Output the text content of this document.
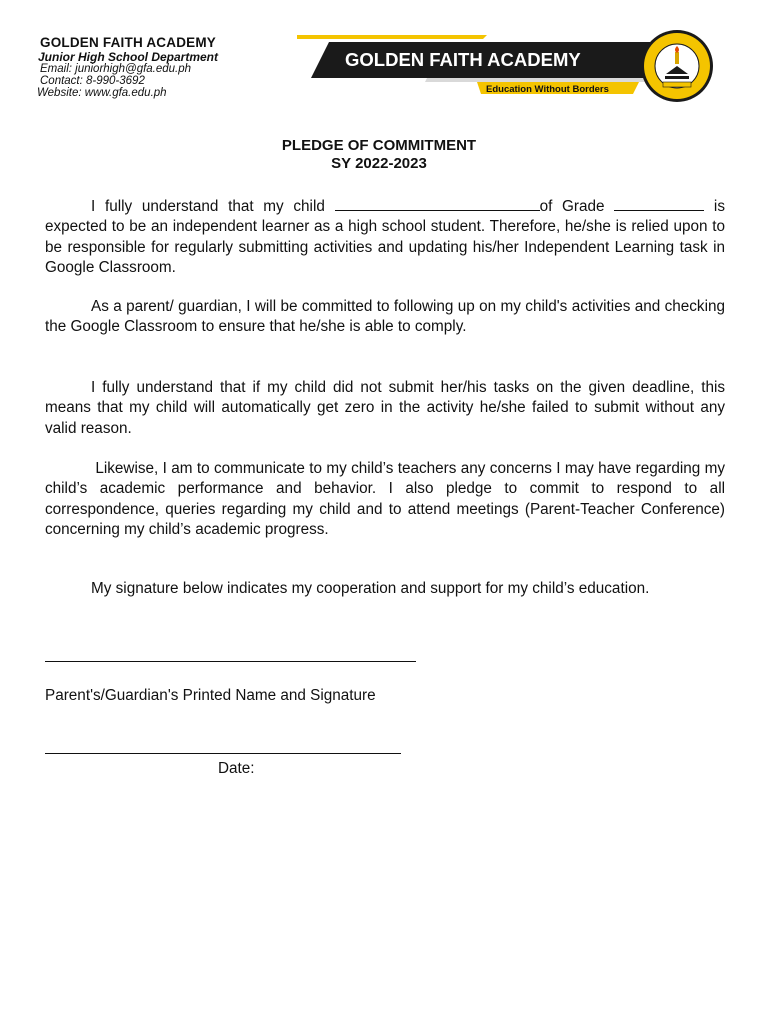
GOLDEN FAITH ACADEMY
Junior High School Department
Email: juniorhigh@gfa.edu.ph
Contact: 8-990-3692
Website: www.gfa.edu.ph
GOLDEN FAITH ACADEMY
Education Without Borders
PLEDGE OF COMMITMENT
SY 2022-2023

I fully understand that my child	of Grade	is expected to be an independent learner as a high school student. Therefore, he/she is relied upon to be responsible for regularly submitting activities and updating his/her Independent Learning task in Google Classroom.

As a parent/ guardian, I will be committed to following up on my child's activities and checking the Google Classroom to ensure that he/she is able to comply.

I fully understand that if my child did not submit her/his tasks on the given deadline, this means that my child will automatically get zero in the activity he/she failed to submit without any valid reason.

Likewise, I am to communicate to my child’s teachers any concerns I may have regarding my child’s academic performance and behavior. I also pledge to commit to respond to all correspondence, queries regarding my child and to attend meetings (Parent-Teacher Conference) concerning my child’s academic progress.

My signature below indicates my cooperation and support for my child’s education.

Parent's/Guardian's Printed Name and Signature
Date:
